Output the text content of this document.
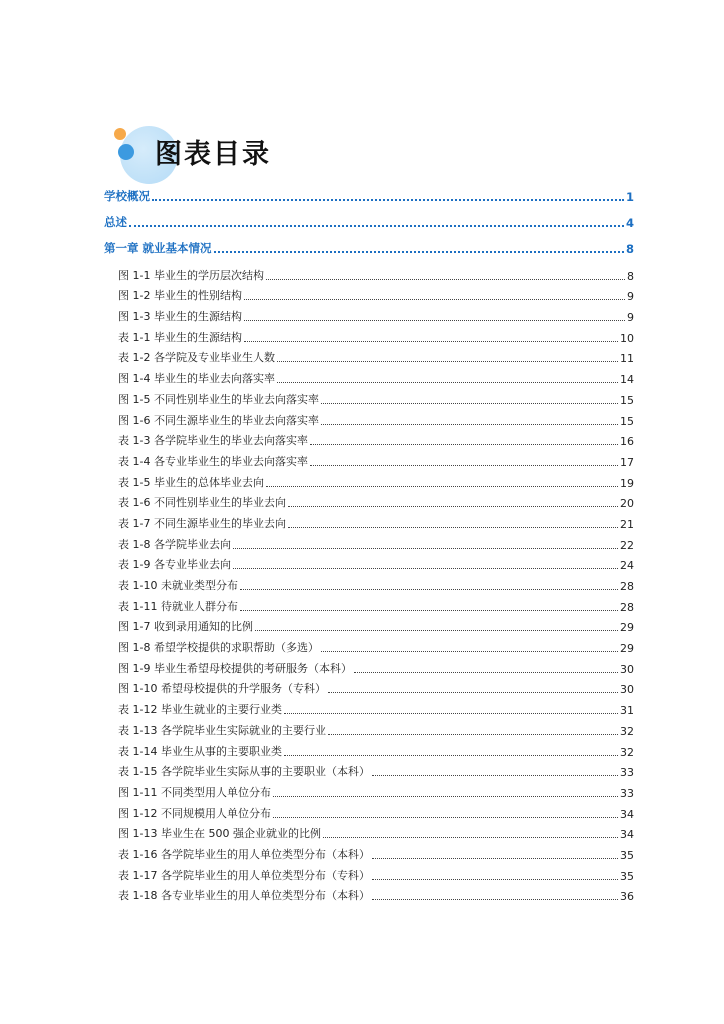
图表目录
学校概况	1
总述	4
第一章 就业基本情况	8
图 1-1 毕业生的学历层次结构	8
图 1-2 毕业生的性别结构	9
图 1-3 毕业生的生源结构	9
表 1-1 毕业生的生源结构	10
表 1-2 各学院及专业毕业生人数	11
图 1-4 毕业生的毕业去向落实率	14
图 1-5 不同性别毕业生的毕业去向落实率	15
图 1-6 不同生源毕业生的毕业去向落实率	15
表 1-3 各学院毕业生的毕业去向落实率	16
表 1-4 各专业毕业生的毕业去向落实率	17
表 1-5 毕业生的总体毕业去向	19
表 1-6 不同性别毕业生的毕业去向	20
表 1-7 不同生源毕业生的毕业去向	21
表 1-8 各学院毕业去向	22
表 1-9 各专业毕业去向	24
表 1-10 未就业类型分布	28
表 1-11 待就业人群分布	28
图 1-7 收到录用通知的比例	29
图 1-8 希望学校提供的求职帮助（多选）	29
图 1-9 毕业生希望母校提供的考研服务（本科）	30
图 1-10 希望母校提供的升学服务（专科）	30
表 1-12 毕业生就业的主要行业类	31
表 1-13 各学院毕业生实际就业的主要行业	32
表 1-14 毕业生从事的主要职业类	32
表 1-15 各学院毕业生实际从事的主要职业（本科）	33
图 1-11 不同类型用人单位分布	33
图 1-12 不同规模用人单位分布	34
图 1-13 毕业生在 500 强企业就业的比例	34
表 1-16 各学院毕业生的用人单位类型分布（本科）	35
表 1-17 各学院毕业生的用人单位类型分布（专科）	35
表 1-18 各专业毕业生的用人单位类型分布（本科）	36
